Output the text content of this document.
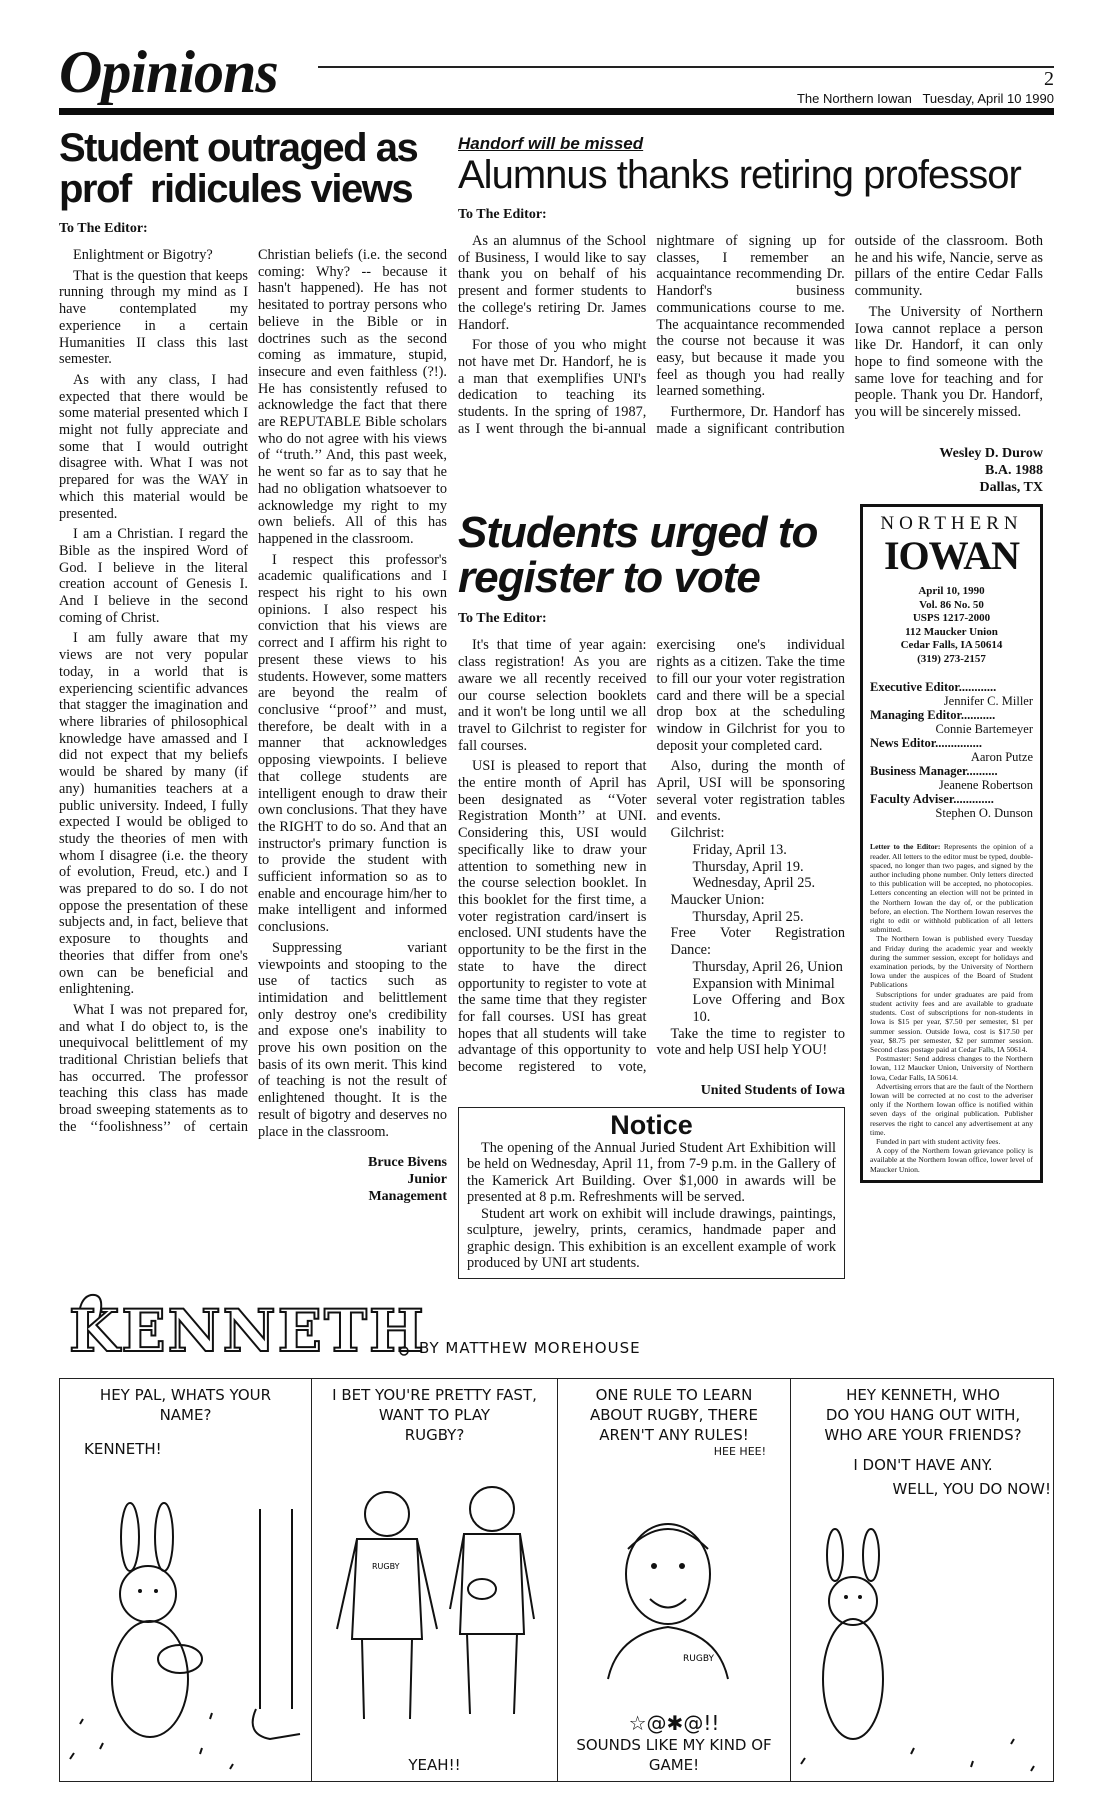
Opinions	2
The Northern Iowan   Tuesday, April 10 1990
Student outraged as
prof  ridicules views
To The Editor:

Enlightment or Bigotry?

That is the question that keeps running through my mind as I have contemplated my experience in a certain Humanities II class this last semester.

As with any class, I had expected that there would be some material presented which I might not fully appreciate and some that I would outright disagree with. What I was not prepared for was the WAY in which this material would be presented.

I am a Christian. I regard the Bible as the inspired Word of God. I believe in the literal creation account of Genesis I. And I believe in the second coming of Christ.

I am fully aware that my views are not very popular today, in a world that is experiencing scientific advances that stagger the imagination and where libraries of philosophical knowledge have amassed and I did not expect that my beliefs would be shared by many (if any) humanities teachers at a public university. Indeed, I fully expected I would be obliged to study the theories of men with whom I disagree (i.e. the theory of evolution, Freud, etc.) and I was prepared to do so. I do not oppose the presentation of these subjects and, in fact, believe that exposure to thoughts and theories that differ from one's own can be beneficial and enlightening.

What I was not prepared for, and what I do object to, is the unequivocal belittlement of my traditional Christian beliefs that has occurred. The professor teaching this class has made broad sweeping statements as to the ‘‘foolishness’’ of certain Christian beliefs (i.e. the second coming: Why? -- because it hasn't happened). He has not hesitated to portray persons who believe in the Bible or in doctrines such as the second coming as immature, stupid, insecure and even faithless (?!). He has consistently refused to acknowledge the fact that there are REPUTABLE Bible scholars who do not agree with his views of ‘‘truth.’’ And, this past week, he went so far as to say that he had no obligation whatsoever to acknowledge my right to my own beliefs. All of this has happened in the classroom.

I respect this professor's academic qualifications and I respect his right to his own opinions. I also respect his conviction that his views are correct and I affirm his right to present these views to his students. However, some matters are beyond the realm of conclusive ‘‘proof’’ and must, therefore, be dealt with in a manner that acknowledges opposing viewpoints. I believe that college students are intelligent enough to draw their own conclusions. That they have the RIGHT to do so. And that an instructor's primary function is to provide the student with sufficient information so as to enable and encourage him/her to make intelligent and informed conclusions.

Suppressing variant viewpoints and stooping to the use of tactics such as intimidation and belittlement only destroy one's credibility and expose one's inability to prove his own position on the basis of its own merit. This kind of teaching is not the result of enlightened thought. It is the result of bigotry and deserves no place in the classroom.

Bruce Bivens
Junior
Management
Handorf will be missed
Alumnus thanks retiring professor
To The Editor:

As an alumnus of the School of Business, I would like to say thank you on behalf of his present and former students to the college's retiring Dr. James Handorf.

For those of you who might not have met Dr. Handorf, he is a man that exemplifies UNI's dedication to teaching its students. In the spring of 1987, as I went through the bi-annual nightmare of signing up for classes, I remember an acquaintance recommending Dr. Handorf's business communications course to me. The acquaintance recommended the course not because it was easy, but because it made you feel as though you had really learned something.

Furthermore, Dr. Handorf has made a significant contribution outside of the classroom. Both he and his wife, Nancie, serve as pillars of the entire Cedar Falls community.

The University of Northern Iowa cannot replace a person like Dr. Handorf, it can only hope to find someone with the same love for teaching and for people. Thank you Dr. Handorf, you will be sincerely missed.

Wesley D. Durow
B.A. 1988
Dallas, TX
Students urged to
register to vote
To The Editor:

It's that time of year again: class registration! As you are aware we all recently received our course selection booklets and it won't be long until we all travel to Gilchrist to register for fall courses.

USI is pleased to report that the entire month of April has been designated as ‘‘Voter Registration Month’’ at UNI. Considering this, USI would specifically like to draw your attention to something new in the course selection booklet. In this booklet for the first time, a voter registration card/insert is enclosed. UNI students have the opportunity to be the first in the state to have the direct opportunity to register to vote at the same time that they register for fall courses. USI has great hopes that all students will take advantage of this opportunity to become registered to vote, exercising one's individual rights as a citizen. Take the time to fill our your voter registration card and there will be a special drop box at the scheduling window in Gilchrist for you to deposit your completed card.

Also, during the month of April, USI will be sponsoring several voter registration tables and events.

Gilchrist:

Friday, April 13.

Thursday, April 19.

Wednesday, April 25.

Maucker Union:

Thursday, April 25.

Free Voter Registration Dance:

Thursday, April 26, Union

Expansion with Minimal

Love Offering and Box 10.

Take the time to register to vote and help USI help YOU!

United Students of Iowa
Notice

The opening of the Annual Juried Student Art Exhibition will be held on Wednesday, April 11, from 7-9 p.m. in the Gallery of the Kamerick Art Building. Over $1,000 in awards will be presented at 8 p.m. Refreshments will be served.

Student art work on exhibit will include drawings, paintings, sculpture, jewelry, prints, ceramics, handmade paper and graphic design. This exhibition is an excellent example of work produced by UNI art students.

NORTHERN
IOWAN
April 10, 1990
Vol. 86 No. 50
USPS 1217-2000
112 Maucker Union
Cedar Falls, IA 50614
(319) 273-2157
Executive Editor............
Jennifer C. Miller
Managing Editor...........
Connie Bartemeyer
News Editor...............
Aaron Putze
Business Manager..........
Jeanene Robertson
Faculty Adviser.............
Stephen O. Dunson

Letter to the Editor: Represents the opinion of a reader. All letters to the editor must be typed, double-spaced, no longer than two pages, and signed by the author including phone number. Only letters directed to this publication will be accepted, no photocopies. Letters concenting an election will not be printed in the Northern Iowan the day of, or the publication before, an election. The Northern Iowan reserves the right to edit or withhold publication of all letters submitted.

The Northern Iowan is published every Tuesday and Friday during the academic year and weekly during the summer session, except for holidays and examination periods, by the University of Northern Iowa under the auspices of the Board of Student Publications

Subscriptions for under graduates are paid from student activity fees and are available to graduate students. Cost of subscriptions for non-students in Iowa is $15 per year, $7.50 per semester, $1 per summer session. Outside Iowa, cost is $17.50 per year, $8.75 per semester, $2 per summer session. Second class postage paid at Cedar Falls, IA 50614.

Postmaster: Send address changes to the Northern Iowan, 112 Maucker Union, University of Northern Iowa, Cedar Falls, IA 50614.

Advertising errors that are the fault of the Northern Iowan will be corrected at no cost to the adveriser only if the Northern Iowan office is notified within seven days of the original publication. Publisher reserves the right to cancel any advertisement at any time.

Funded in part with student activity fees.

A copy of the Northern Iowan grievance policy is available at the Northern Iowan office, lower level of Maucker Union.

KENNETH
BY MATTHEW MOREHOUSE
HEY PAL, WHATS YOUR
NAME?
KENNETH!
RUGBY
I BET YOU'RE PRETTY FAST,
WANT TO PLAY
RUGBY?
YEAH!!
RUGBY
ONE RULE TO LEARN
ABOUT RUGBY, THERE
AREN'T ANY RULES!
HEE HEE!
☆@✱@!!
SOUNDS LIKE MY KIND OF GAME!
HEY KENNETH, WHO
DO YOU HANG OUT WITH,
WHO ARE YOUR FRIENDS?
I DON'T HAVE ANY.
WELL, YOU DO NOW!
